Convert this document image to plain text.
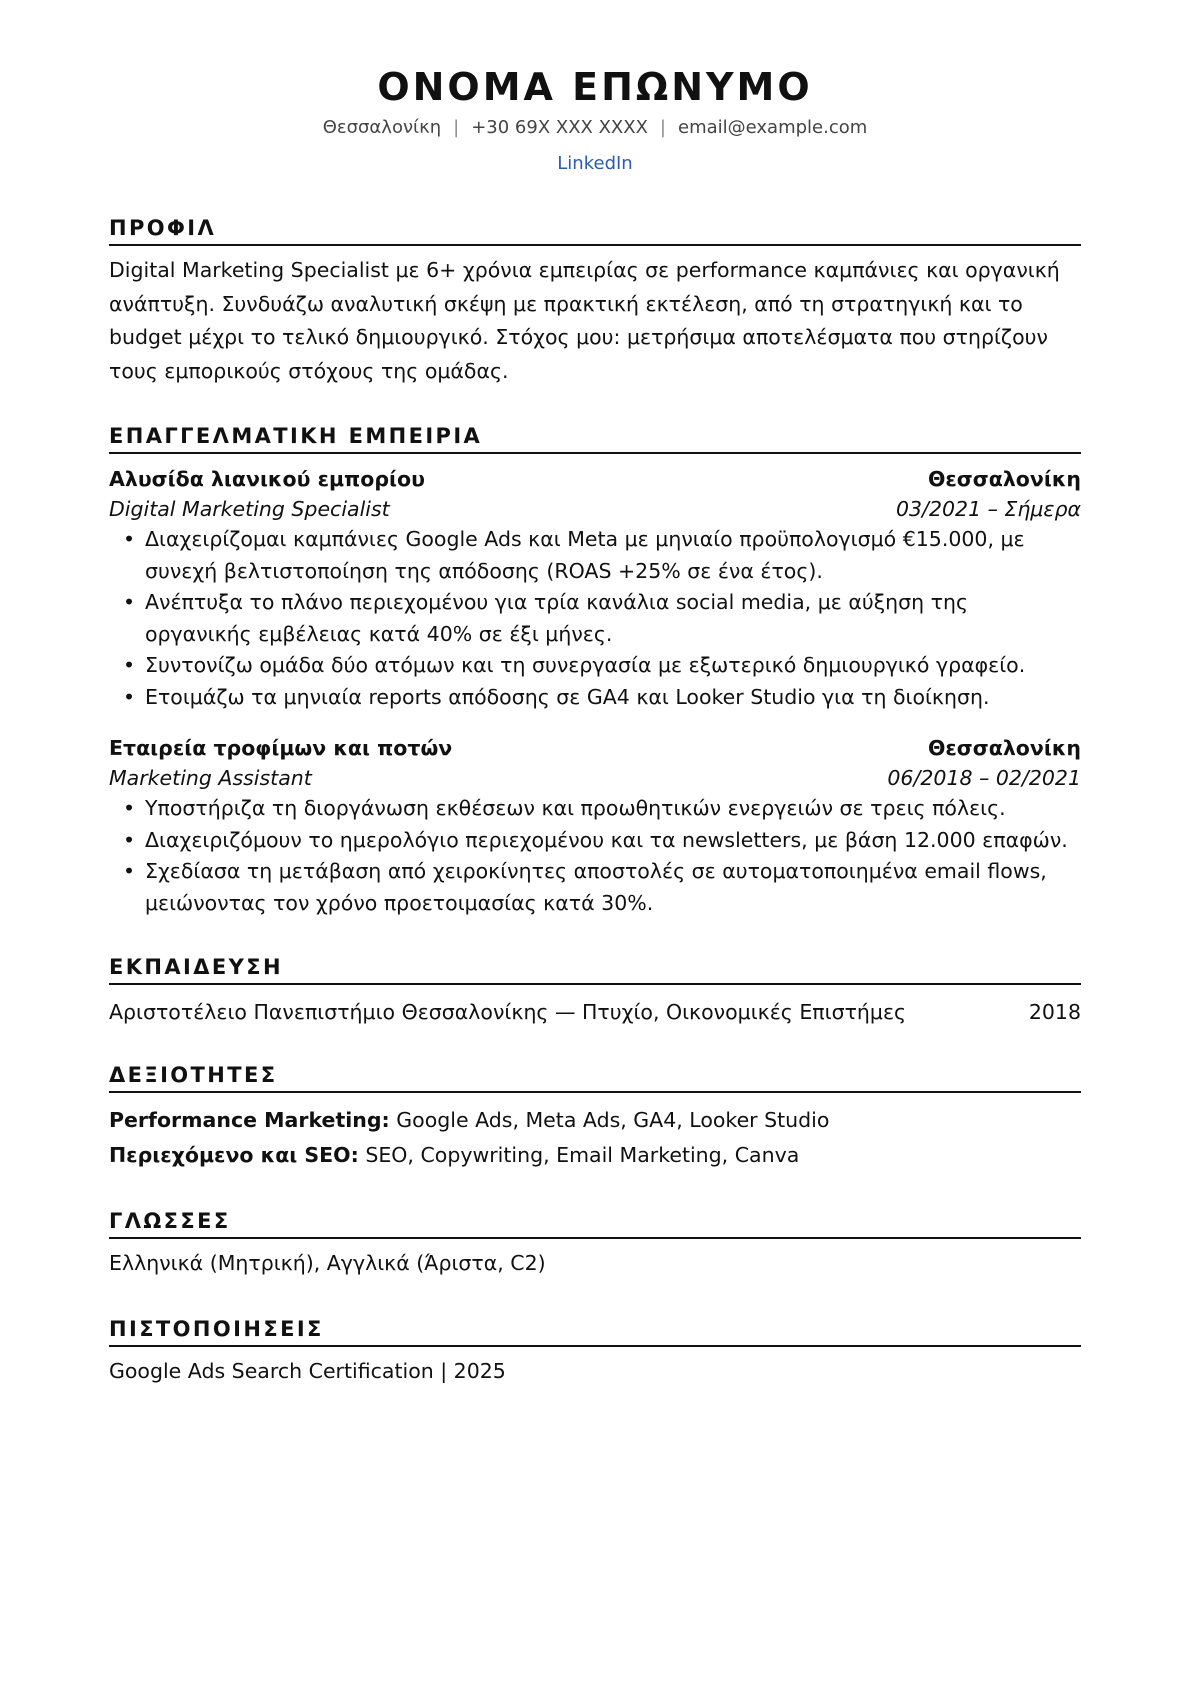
ΟΝΟΜΑ ΕΠΩΝΥΜΟ
Θεσσαλονίκη | +30 69X XXX XXXX | email@example.com
LinkedIn
ΠΡΟΦΙΛ
Digital Marketing Specialist με 6+ χρόνια εμπειρίας σε performance καμπάνιες και οργανική ανάπτυξη. Συνδυάζω αναλυτική σκέψη με πρακτική εκτέλεση, από τη στρατηγική και το budget μέχρι το τελικό δημιουργικό. Στόχος μου: μετρήσιμα αποτελέσματα που στηρίζουν τους εμπορικούς στόχους της ομάδας.
ΕΠΑΓΓΕΛΜΑΤΙΚΗ ΕΜΠΕΙΡΙΑ
Αλυσίδα λιανικού εμπορίου	Θεσσαλονίκη
Digital Marketing Specialist	03/2021 – Σήμερα
• Διαχειρίζομαι καμπάνιες Google Ads και Meta με μηνιαίο προϋπολογισμό €15.000, με συνεχή βελτιστοποίηση της απόδοσης (ROAS +25% σε ένα έτος).
• Ανέπτυξα το πλάνο περιεχομένου για τρία κανάλια social media, με αύξηση της οργανικής εμβέλειας κατά 40% σε έξι μήνες.
• Συντονίζω ομάδα δύο ατόμων και τη συνεργασία με εξωτερικό δημιουργικό γραφείο.
• Ετοιμάζω τα μηνιαία reports απόδοσης σε GA4 και Looker Studio για τη διοίκηση.
Εταιρεία τροφίμων και ποτών	Θεσσαλονίκη
Marketing Assistant	06/2018 – 02/2021
• Υποστήριζα τη διοργάνωση εκθέσεων και προωθητικών ενεργειών σε τρεις πόλεις.
• Διαχειριζόμουν το ημερολόγιο περιεχομένου και τα newsletters, με βάση 12.000 επαφών.
• Σχεδίασα τη μετάβαση από χειροκίνητες αποστολές σε αυτοματοποιημένα email flows, μειώνοντας τον χρόνο προετοιμασίας κατά 30%.
ΕΚΠΑΙΔΕΥΣΗ
Αριστοτέλειο Πανεπιστήμιο Θεσσαλονίκης — Πτυχίο, Οικονομικές Επιστήμες	2018
ΔΕΞΙΟΤΗΤΕΣ
Performance Marketing: Google Ads, Meta Ads, GA4, Looker Studio
Περιεχόμενο και SEO: SEO, Copywriting, Email Marketing, Canva
ΓΛΩΣΣΕΣ
Ελληνικά (Μητρική), Αγγλικά (Άριστα, C2)
ΠΙΣΤΟΠΟΙΗΣΕΙΣ
Google Ads Search Certification | 2025
